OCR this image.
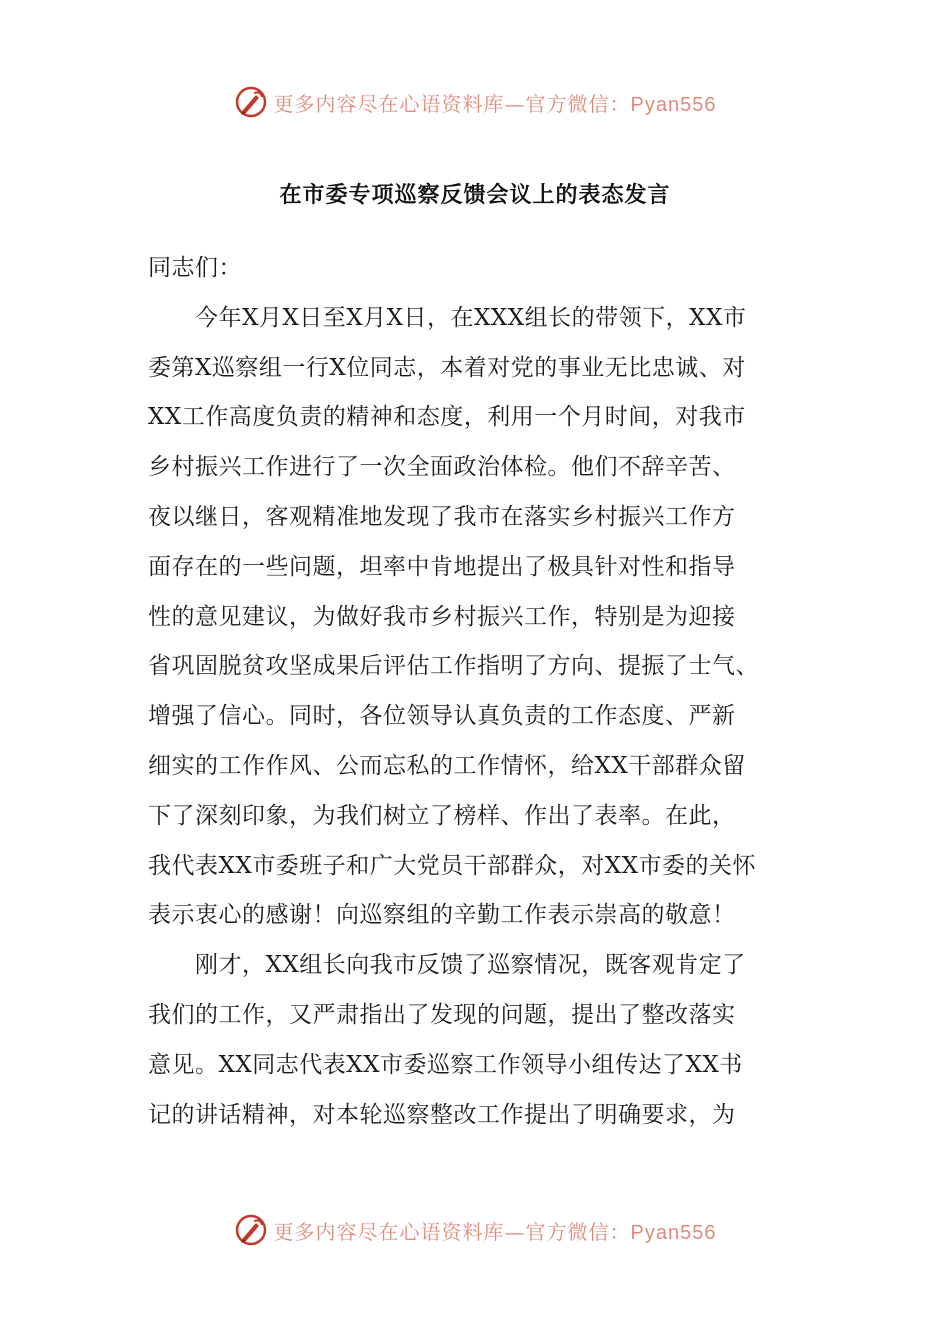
更多内容尽在心语资料库—官方微信：Pyan556
在市委专项巡察反馈会议上的表态发言
同志们：
　　今年X月X日至X月X日，在XXX组长的带领下，XX市
委第X巡察组一行X位同志，本着对党的事业无比忠诚、对
XX工作高度负责的精神和态度，利用一个月时间，对我市
乡村振兴工作进行了一次全面政治体检。他们不辞辛苦、
夜以继日，客观精准地发现了我市在落实乡村振兴工作方
面存在的一些问题，坦率中肯地提出了极具针对性和指导
性的意见建议，为做好我市乡村振兴工作，特别是为迎接
省巩固脱贫攻坚成果后评估工作指明了方向、提振了士气、
增强了信心。同时，各位领导认真负责的工作态度、严新
细实的工作作风、公而忘私的工作情怀，给XX干部群众留
下了深刻印象，为我们树立了榜样、作出了表率。在此，
我代表XX市委班子和广大党员干部群众，对XX市委的关怀
表示衷心的感谢！向巡察组的辛勤工作表示崇高的敬意！
　　刚才，XX组长向我市反馈了巡察情况，既客观肯定了
我们的工作，又严肃指出了发现的问题，提出了整改落实
意见。XX同志代表XX市委巡察工作领导小组传达了XX书
记的讲话精神，对本轮巡察整改工作提出了明确要求，为
更多内容尽在心语资料库—官方微信：Pyan556
